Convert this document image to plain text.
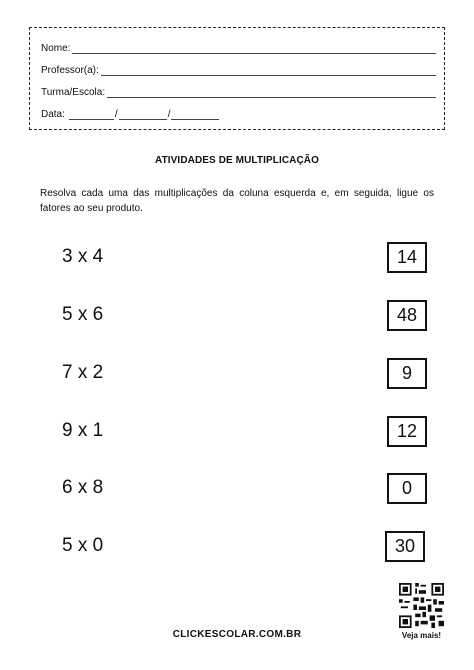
Nome:
Professor(a):
Turma/Escola:
Data:	/	/
ATIVIDADES DE MULTIPLICAÇÃO
Resolva cada uma das multiplicações da coluna esquerda e, em seguida, ligue os fatores ao seu produto.
3 x 4	14
5 x 6	48
7 x 2	9
9 x 1	12
6 x 8	0
5 x 0	30
CLICKESCOLAR.COM.BR	Veja mais!
